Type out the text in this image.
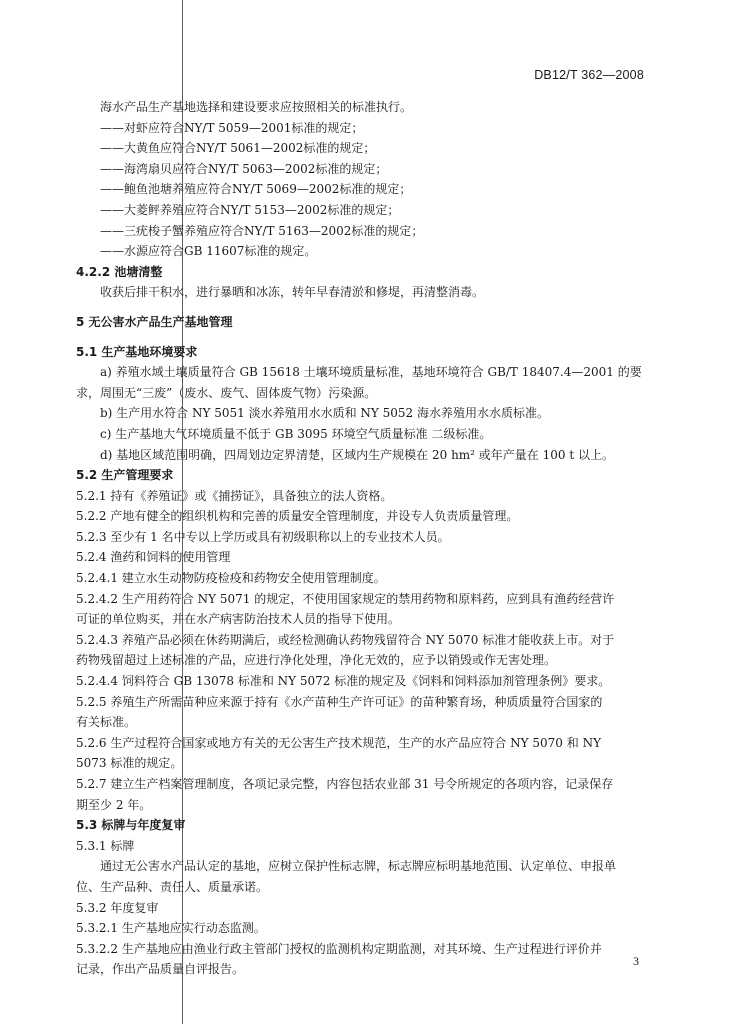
DB12/T 362—2008
海水产品生产基地选择和建设要求应按照相关的标准执行。
——对虾应符合NY/T 5059—2001标准的规定；
——大黄鱼应符合NY/T 5061—2002标准的规定；
——海湾扇贝应符合NY/T 5063—2002标准的规定；
——鲍鱼池塘养殖应符合NY/T 5069—2002标准的规定；
——大菱鲆养殖应符合NY/T 5153—2002标准的规定；
——三疣梭子蟹养殖应符合NY/T 5163—2002标准的规定；
——水源应符合GB 11607标准的规定。
4.2.2 池塘清整
收获后排干积水，进行暴晒和冰冻，转年早春清淤和修堤，再清整消毒。
5 无公害水产品生产基地管理
5.1 生产基地环境要求
a) 养殖水域土壤质量符合 GB 15618 土壤环境质量标准，基地环境符合 GB/T 18407.4—2001 的要
求，周围无“三废”（废水、废气、固体废气物）污染源。
b) 生产用水符合 NY 5051 淡水养殖用水水质和 NY 5052 海水养殖用水水质标准。
c) 生产基地大气环境质量不低于 GB 3095 环境空气质量标准 二级标准。
d) 基地区域范围明确，四周划边定界清楚，区域内生产规模在 20 hm² 或年产量在 100 t 以上。
5.2 生产管理要求
5.2.1 持有《养殖证》或《捕捞证》，具备独立的法人资格。
5.2.2 产地有健全的组织机构和完善的质量安全管理制度，并设专人负责质量管理。
5.2.3 至少有 1 名中专以上学历或具有初级职称以上的专业技术人员。
5.2.4 渔药和饲料的使用管理
5.2.4.1 建立水生动物防疫检疫和药物安全使用管理制度。
5.2.4.2 生产用药符合 NY 5071 的规定，不使用国家规定的禁用药物和原料药，应到具有渔药经营许
可证的单位购买，并在水产病害防治技术人员的指导下使用。
5.2.4.3 养殖产品必须在休药期满后，或经检测确认药物残留符合 NY 5070 标准才能收获上市。对于
药物残留超过上述标准的产品，应进行净化处理，净化无效的，应予以销毁或作无害处理。
5.2.4.4 饲料符合 GB 13078 标准和 NY 5072 标准的规定及《饲料和饲料添加剂管理条例》要求。
5.2.5 养殖生产所需苗种应来源于持有《水产苗种生产许可证》的苗种繁育场，种质质量符合国家的
有关标准。
5.2.6 生产过程符合国家或地方有关的无公害生产技术规范，生产的水产品应符合 NY 5070 和 NY
5073 标准的规定。
5.2.7 建立生产档案管理制度，各项记录完整，内容包括农业部 31 号令所规定的各项内容，记录保存
期至少 2 年。
5.3 标牌与年度复审
5.3.1 标牌
通过无公害水产品认定的基地，应树立保护性标志牌，标志牌应标明基地范围、认定单位、申报单
位、生产品种、责任人、质量承诺。
5.3.2 年度复审
5.3.2.1 生产基地应实行动态监测。
5.3.2.2 生产基地应由渔业行政主管部门授权的监测机构定期监测，对其环境、生产过程进行评价并
记录，作出产品质量自评报告。
3
